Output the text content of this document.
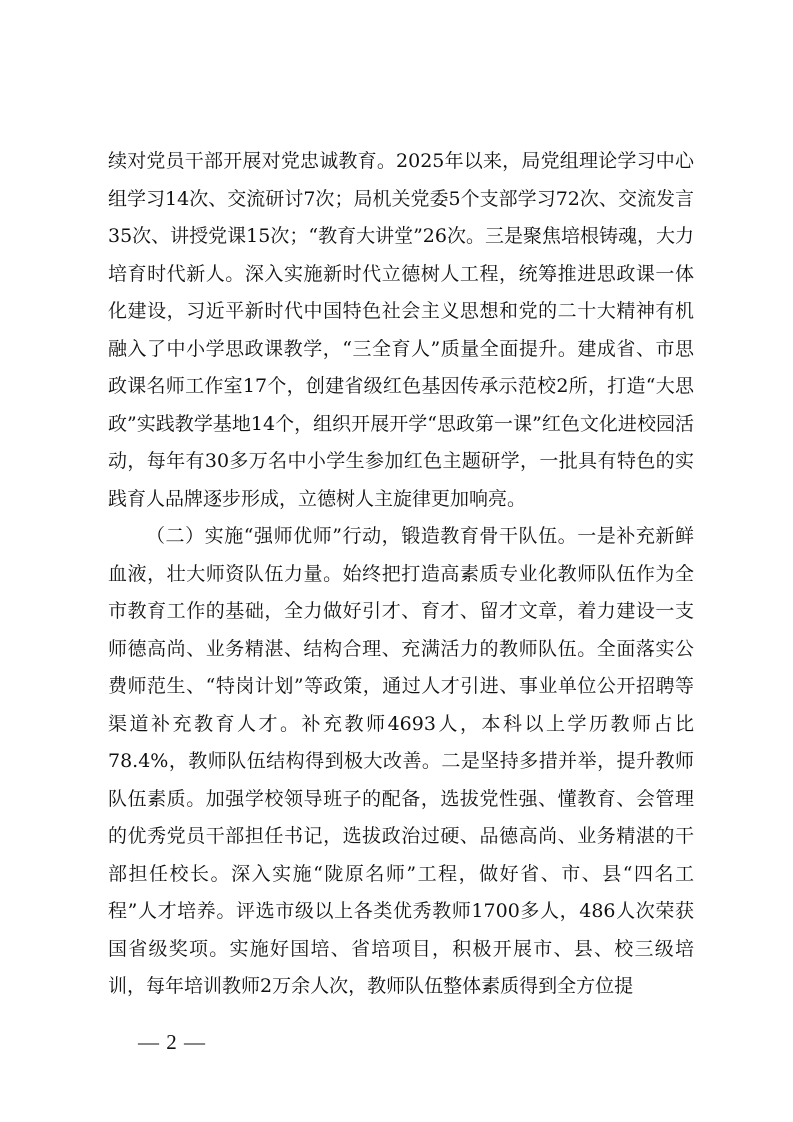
续对党员干部开展对党忠诚教育。2025年以来，局党组理论学习中心组学习14次、交流研讨7次；局机关党委5个支部学习72次、交流发言35次、讲授党课15次；“教育大讲堂”26次。三是聚焦培根铸魂，大力培育时代新人。深入实施新时代立德树人工程，统筹推进思政课一体化建设，习近平新时代中国特色社会主义思想和党的二十大精神有机融入了中小学思政课教学，“三全育人”质量全面提升。建成省、市思政课名师工作室17个，创建省级红色基因传承示范校2所，打造“大思政”实践教学基地14个，组织开展开学“思政第一课”红色文化进校园活动，每年有30多万名中小学生参加红色主题研学，一批具有特色的实践育人品牌逐步形成，立德树人主旋律更加响亮。

（二）实施“强师优师”行动，锻造教育骨干队伍。一是补充新鲜血液，壮大师资队伍力量。始终把打造高素质专业化教师队伍作为全市教育工作的基础，全力做好引才、育才、留才文章，着力建设一支师德高尚、业务精湛、结构合理、充满活力的教师队伍。全面落实公费师范生、“特岗计划”等政策，通过人才引进、事业单位公开招聘等渠道补充教育人才。补充教师4693人，本科以上学历教师占比78.4%，教师队伍结构得到极大改善。二是坚持多措并举，提升教师队伍素质。加强学校领导班子的配备，选拔党性强、懂教育、会管理的优秀党员干部担任书记，选拔政治过硬、品德高尚、业务精湛的干部担任校长。深入实施“陇原名师”工程，做好省、市、县“四名工程”人才培养。评选市级以上各类优秀教师1700多人，486人次荣获国省级奖项。实施好国培、省培项目，积极开展市、县、校三级培训，每年培训教师2万余人次，教师队伍整体素质得到全方位提

— 2 —
